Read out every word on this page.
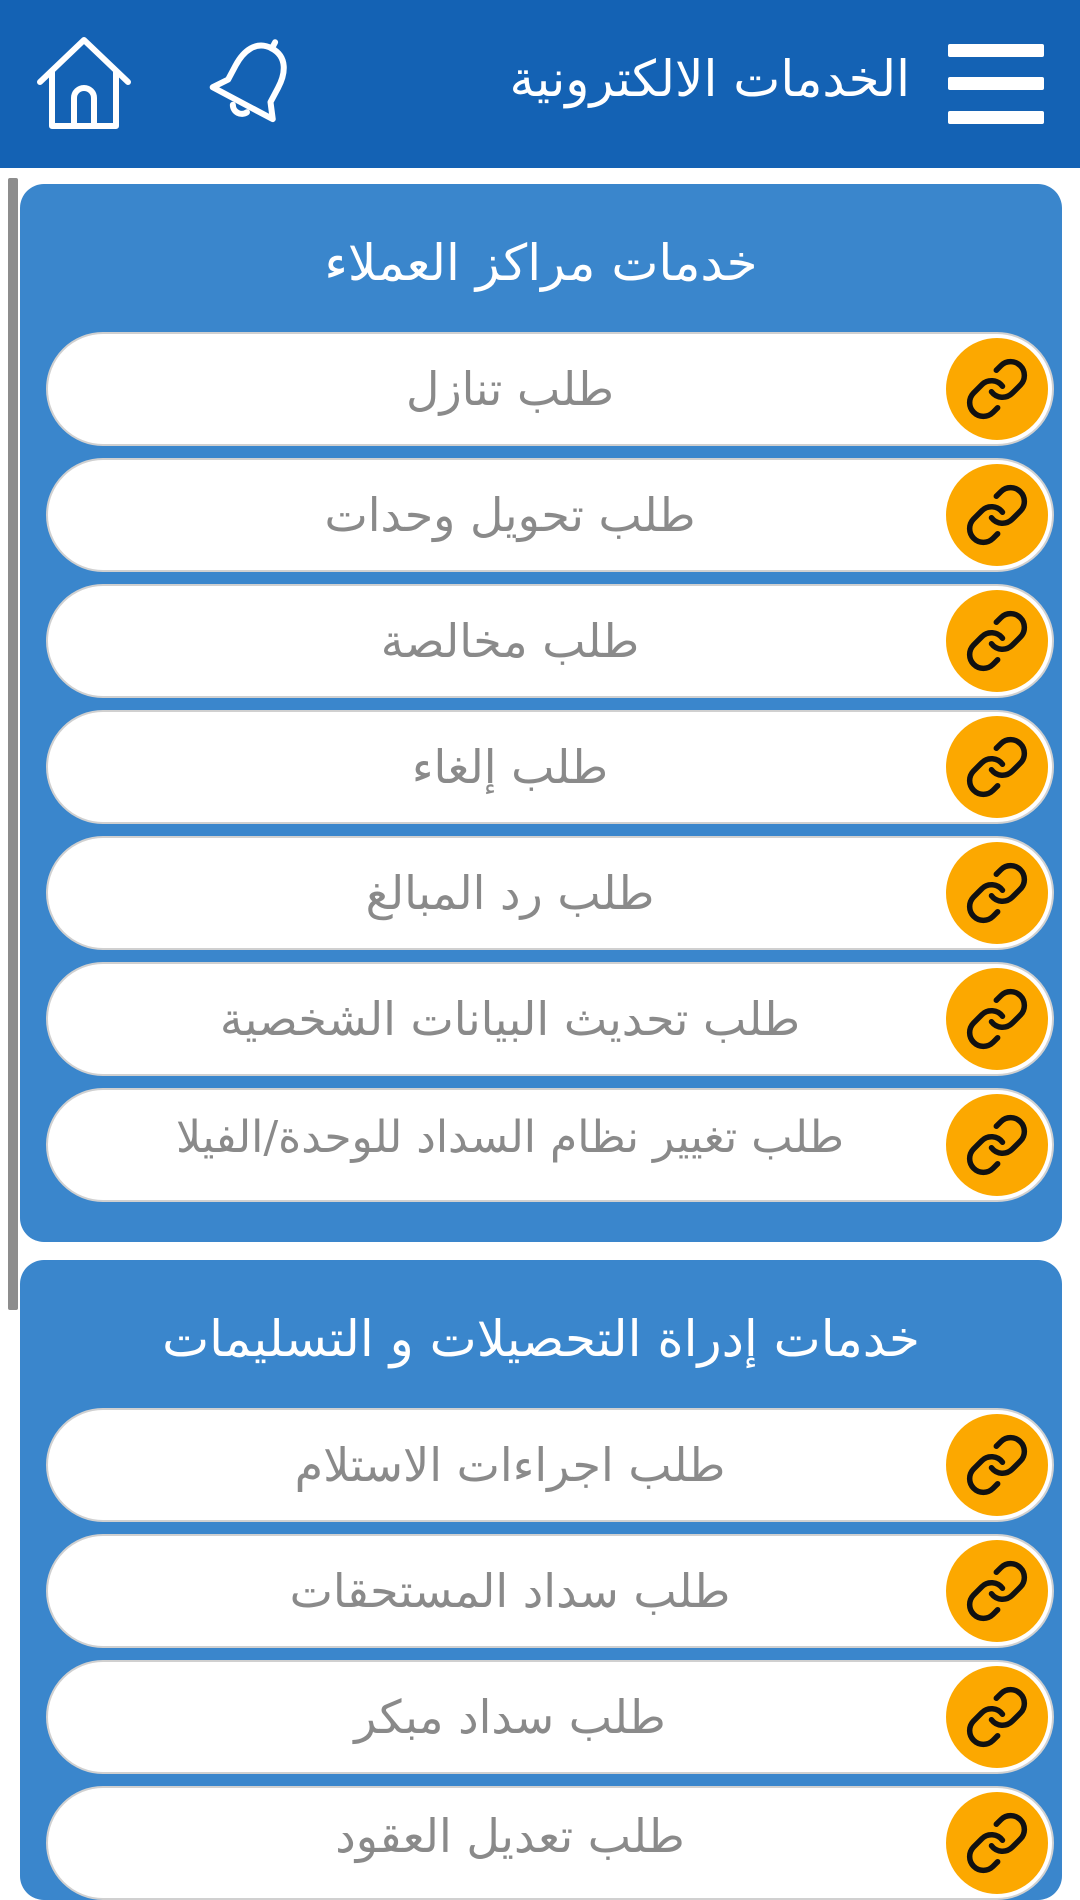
الخدمات الالكترونية
خدمات مراكز العملاء
طلب تنازل
طلب تحويل وحدات
طلب مخالصة
طلب إلغاء
طلب رد المبالغ
طلب تحديث البيانات الشخصية
طلب تغيير نظام السداد للوحدة/الفيلا
خدمات إدراة التحصيلات و التسليمات
طلب اجراءات الاستلام
طلب سداد المستحقات
طلب سداد مبكر
طلب تعديل العقود
